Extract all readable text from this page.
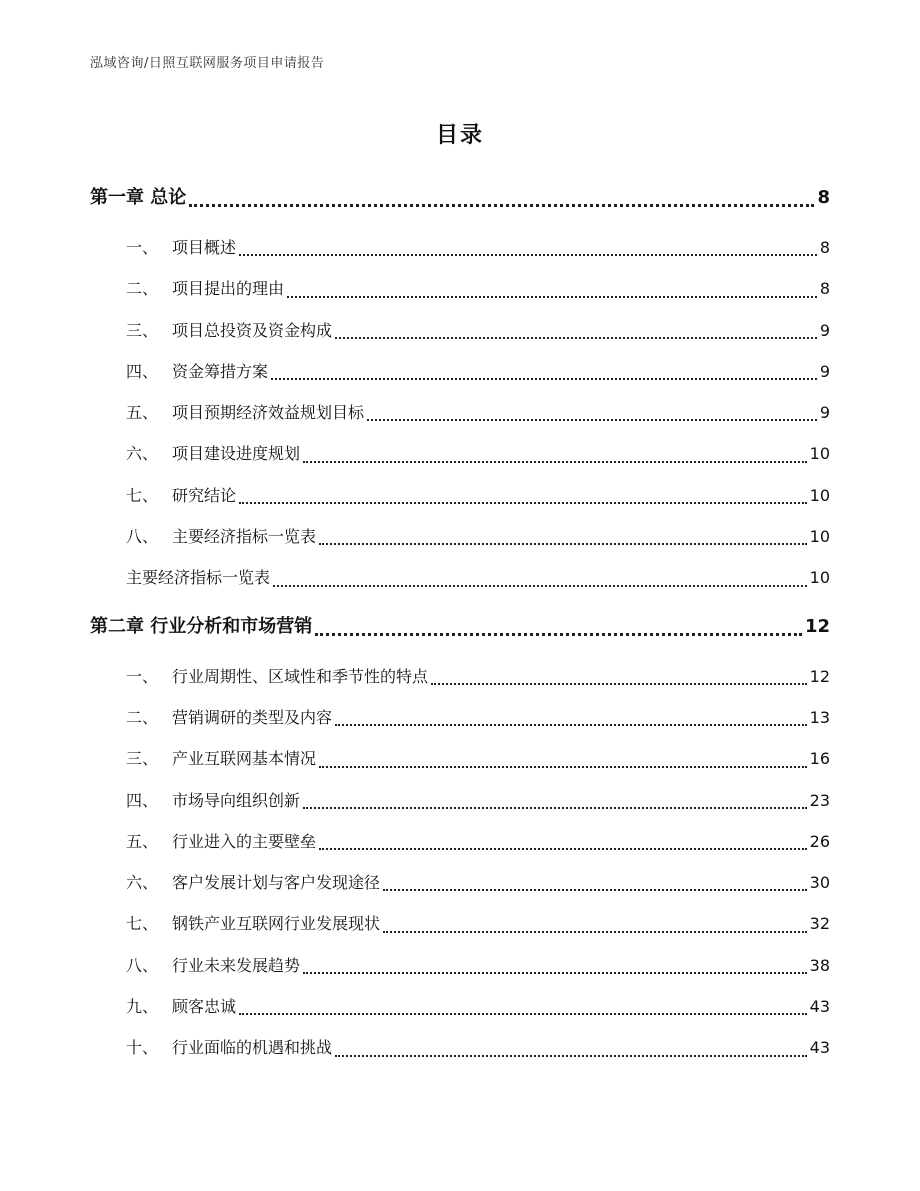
泓域咨询/日照互联网服务项目申请报告
目录
第一章 总论	8
一、 项目概述	8
二、 项目提出的理由	8
三、 项目总投资及资金构成	9
四、 资金筹措方案	9
五、 项目预期经济效益规划目标	9
六、 项目建设进度规划	10
七、 研究结论	10
八、 主要经济指标一览表	10
主要经济指标一览表	10
第二章 行业分析和市场营销	12
一、 行业周期性、区域性和季节性的特点	12
二、 营销调研的类型及内容	13
三、 产业互联网基本情况	16
四、 市场导向组织创新	23
五、 行业进入的主要壁垒	26
六、 客户发展计划与客户发现途径	30
七、 钢铁产业互联网行业发展现状	32
八、 行业未来发展趋势	38
九、 顾客忠诚	43
十、 行业面临的机遇和挑战	43
